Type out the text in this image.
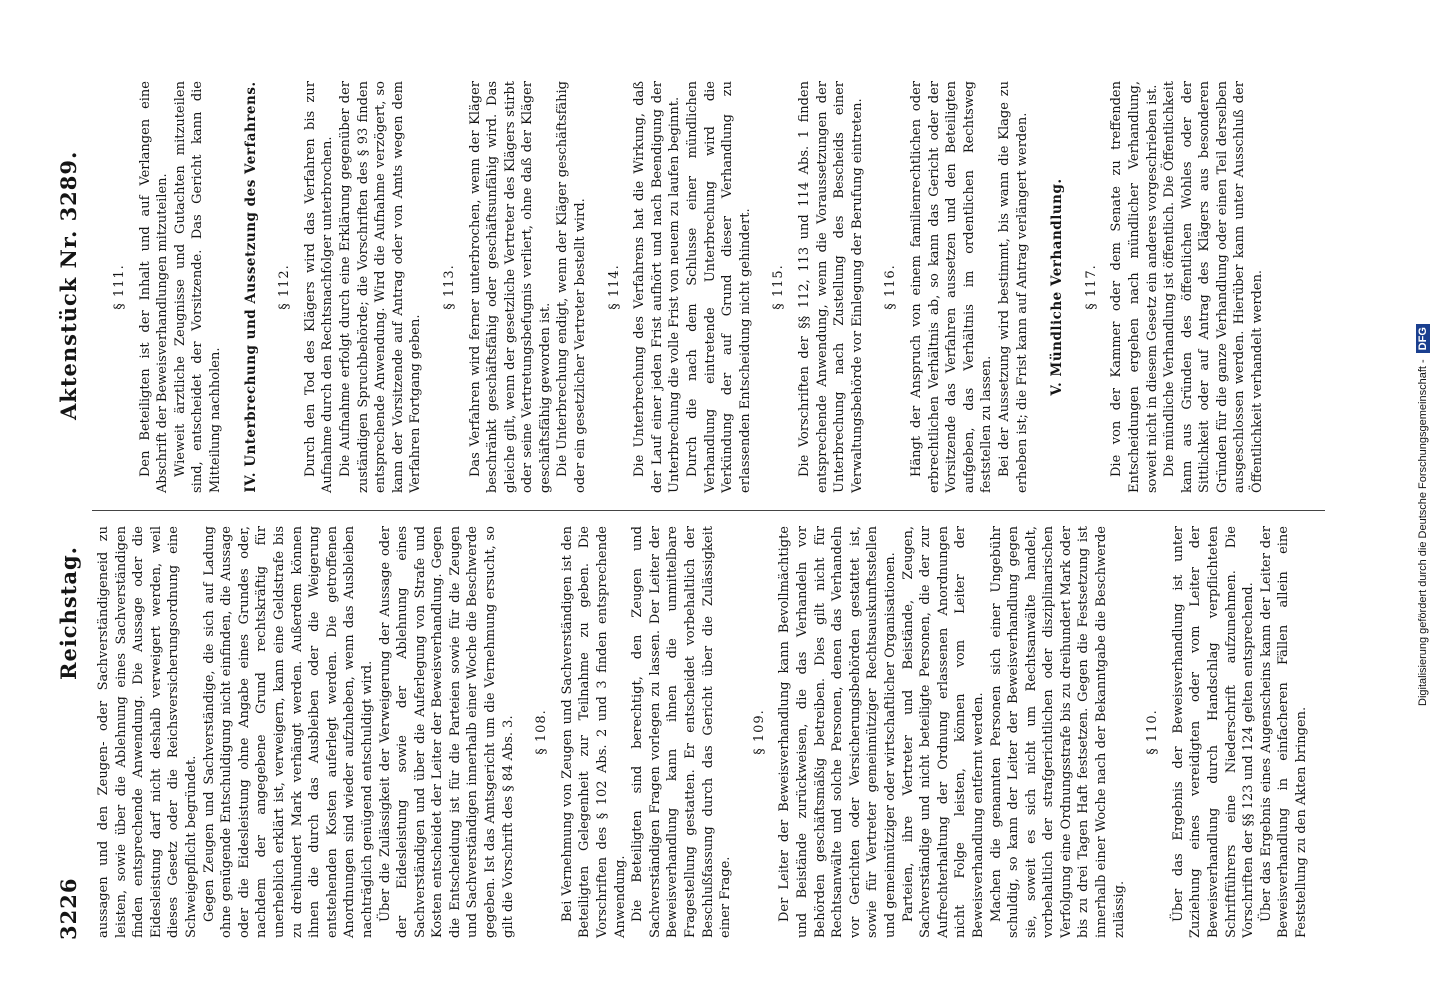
3226
Reichstag.
Aktenstück Nr. 3289.

aussagen und den Zeugen- oder Sachverständigeneid zu leisten, sowie über die Ablehnung eines Sachverständigen finden entsprechende Anwendung. Die Aussage oder die Eidesleistung darf nicht deshalb verweigert werden, weil dieses Gesetz oder die Reichsversicherungsordnung eine Schweigepflicht begründet. Gegen Zeugen und Sachverständige, die sich auf Ladung ohne genügende Entschuldigung nicht einfinden, die Aussage oder die Eidesleistung ohne Angabe eines Grundes oder, nachdem der angegebene Grund rechtskräftig für unerheblich erklärt ist, verweigern, kann eine Geldstrafe bis zu dreihundert Mark verhängt werden. Außerdem können ihnen die durch das Ausbleiben oder die Weigerung entstehenden Kosten auferlegt werden. Die getroffenen Anordnungen sind wieder aufzuheben, wenn das Ausbleiben nachträglich genügend entschuldigt wird. Über die Zulässigkeit der Verweigerung der Aussage oder der Eidesleistung sowie der Ablehnung eines Sachverständigen und über die Auferlegung von Strafe und Kosten entscheidet der Leiter der Beweisverhandlung. Gegen die Entscheidung ist für die Parteien sowie für die Zeugen und Sachverständigen innerhalb einer Woche die Beschwerde gegeben. Ist das Amtsgericht um die Vernehmung ersucht, so gilt die Vorschrift des § 84 Abs. 3. § 108. Bei Vernehmung von Zeugen und Sachverständigen ist den Beteiligten Gelegenheit zur Teilnahme zu geben. Die Vorschriften des § 102 Abs. 2 und 3 finden entsprechende Anwendung. Die Beteiligten sind berechtigt, den Zeugen und Sachverständigen Fragen vorlegen zu lassen. Der Leiter der Beweisverhandlung kann ihnen die unmittelbare Fragestellung gestatten. Er entscheidet vorbehaltlich der Beschlußfassung durch das Gericht über die Zulässigkeit einer Frage.

§ 109. Der Leiter der Beweisverhandlung kann Bevollmächtigte und Beistände zurückweisen, die das Verhandeln vor Behörden geschäftsmäßig betreiben. Dies gilt nicht für Rechtsanwälte und solche Personen, denen das Verhandeln vor Gerichten oder Versicherungsbehörden gestattet ist, sowie für Vertreter gemeinnütziger Rechtsauskunftsstellen und gemeinnütziger oder wirtschaftlicher Organisationen. Parteien, ihre Vertreter und Beistände, Zeugen, Sachverständige und nicht beteiligte Personen, die der zur Aufrechterhaltung der Ordnung erlassenen Anordnungen nicht Folge leisten, können vom Leiter der Beweisverhandlung entfernt werden. Machen die genannten Personen sich einer Ungebühr schuldig, so kann der Leiter der Beweisverhandlung gegen sie, soweit es sich nicht um Rechtsanwälte handelt, vorbehaltlich der strafgerichtlichen oder disziplinarischen Verfolgung eine Ordnungsstrafe bis zu dreihundert Mark oder bis zu drei Tagen Haft festsetzen. Gegen die Festsetzung ist innerhalb einer Woche nach der Bekanntgabe die Beschwerde zulässig.

§ 110. Über das Ergebnis der Beweisverhandlung ist unter Zuziehung eines vereidigten oder vom Leiter der Beweisverhandlung durch Handschlag verpflichteten Schriftführers eine Niederschrift aufzunehmen. Die Vorschriften der §§ 123 und 124 gelten entsprechend. Über das Ergebnis eines Augenscheins kann der Leiter der Beweisverhandlung in einfacheren Fällen allein eine Feststellung zu den Akten bringen.

§ 111. Den Beteiligten ist der Inhalt und auf Verlangen eine Abschrift der Beweisverhandlungen mitzuteilen. Wieweit ärztliche Zeugnisse und Gutachten mitzuteilen sind, entscheidet der Vorsitzende. Das Gericht kann die Mitteilung nachholen. IV. Unterbrechung und Aussetzung des Verfahrens. § 112. Durch den Tod des Klägers wird das Verfahren bis zur Aufnahme durch den Rechtsnachfolger unterbrochen. Die Aufnahme erfolgt durch eine Erklärung gegenüber der zuständigen Spruchbehörde; die Vorschriften des § 93 finden entsprechende Anwendung. Wird die Aufnahme verzögert, so kann der Vorsitzende auf Antrag oder von Amts wegen dem Verfahren Fortgang geben.

§ 113. Das Verfahren wird ferner unterbrochen, wenn der Kläger beschränkt geschäftsfähig oder geschäftsunfähig wird. Das gleiche gilt, wenn der gesetzliche Vertreter des Klägers stirbt oder seine Vertretungsbefugnis verliert, ohne daß der Kläger geschäftsfähig geworden ist. Die Unterbrechung endigt, wenn der Kläger geschäftsfähig oder ein gesetzlicher Vertreter bestellt wird. § 114. Die Unterbrechung des Verfahrens hat die Wirkung, daß der Lauf einer jeden Frist aufhört und nach Beendigung der Unterbrechung die volle Frist von neuem zu laufen beginnt. Durch die nach dem Schlusse einer mündlichen Verhandlung eintretende Unterbrechung wird die Verkündung der auf Grund dieser Verhandlung zu erlassenden Entscheidung nicht gehindert. § 115. Die Vorschriften der §§ 112, 113 und 114 Abs. 1 finden entsprechende Anwendung, wenn die Voraussetzungen der Unterbrechung nach Zustellung des Bescheids einer Verwaltungsbehörde vor Einlegung der Berufung eintreten. § 116. Hängt der Anspruch von einem familienrechtlichen oder erbrechtlichen Verhältnis ab, so kann das Gericht oder der Vorsitzende das Verfahren aussetzen und den Beteiligten aufgeben, das Verhältnis im ordentlichen Rechtsweg feststellen zu lassen. Bei der Aussetzung wird bestimmt, bis wann die Klage zu erheben ist; die Frist kann auf Antrag verlängert werden. V. Mündliche Verhandlung. § 117. Die von der Kammer oder dem Senate zu treffenden Entscheidungen ergehen nach mündlicher Verhandlung, soweit nicht in diesem Gesetz ein anderes vorgeschrieben ist. Die mündliche Verhandlung ist öffentlich. Die Öffentlichkeit kann aus Gründen des öffentlichen Wohles oder der Sittlichkeit oder auf Antrag des Klägers aus besonderen Gründen für die ganze Verhandlung oder einen Teil derselben ausgeschlossen werden. Hierüber kann unter Ausschluß der Öffentlichkeit verhandelt werden.	Digitalisierung gefördert durch die Deutsche Forschungsgemeinschaft -DFG
